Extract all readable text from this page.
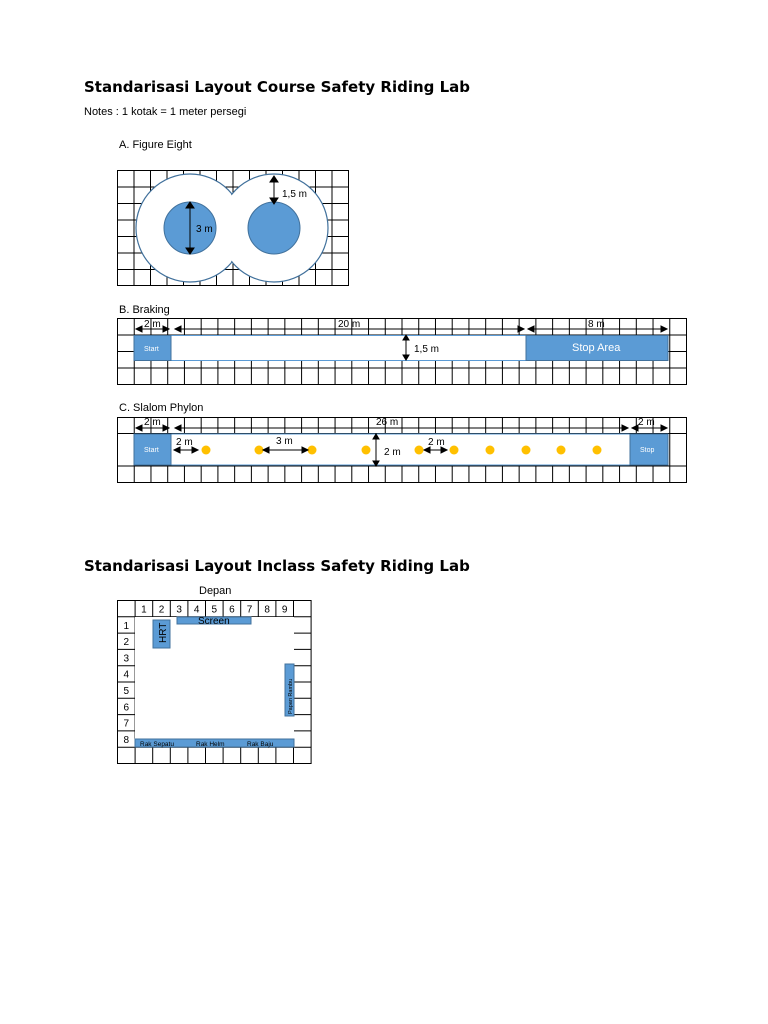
Standarisasi Layout Course Safety Riding Lab
Notes : 1 kotak = 1 meter persegi
A. Figure Eight
3 m
1,5 m
B. Braking
Start	Stop Area
2 m	20 m	8 m
1,5 m
C. Slalom Phylon
Start	Stop
2 m	26 m	2 m
2 m	3 m
2 m
2 m
Standarisasi Layout Inclass Safety Riding Lab
Depan
1 2 3 4 5 6 7 8 9
1
2
3
4
5
6
7
8
Screen
HRT
Papan Rambu
Rak Sepatu	Rak Helm	Rak Baju
